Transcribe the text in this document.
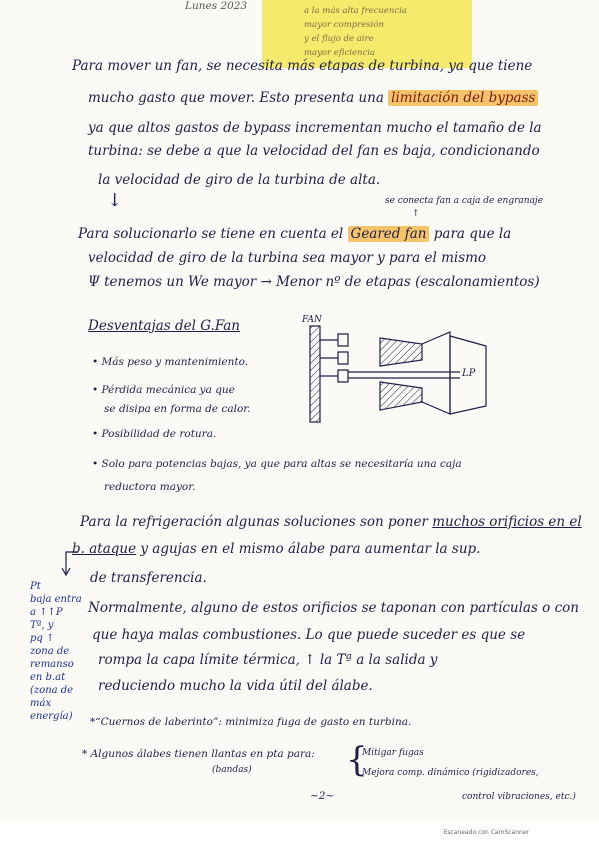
Lunes 2023	a la más alta frecuencia
mayor compresión
y el flujo de aire
mayor eficiencia
Para mover un fan, se necesita más etapas de turbina, ya que tiene
mucho gasto que mover. Esto presenta una limitación del bypass
ya que altos gastos de bypass incrementan mucho el tamaño de la
turbina: se debe a que la velocidad del fan es baja, condicionando
la velocidad de giro de la turbina de alta.
↓	se conecta fan a caja de engranaje
↑
Para solucionarlo se tiene en cuenta el Geared fan para que la
velocidad de giro de la turbina sea mayor y para el mismo
Ψ tenemos un We mayor → Menor nº de etapas (escalonamientos)
Desventajas del G.Fan
• Más peso y mantenimiento.
• Pérdida mecánica ya que
se disipa en forma de calor.
• Posibilidad de rotura.
• Solo para potencias bajas, ya que para altas se necesitaría una caja
reductora mayor.
FAN
LP
Para la refrigeración algunas soluciones son poner muchos orificios en el
b. ataque y agujas en el mismo álabe para aumentar la sup.
de transferencia.
Normalmente, alguno de estos orificios se taponan con partículas o con
que haya malas combustiones. Lo que puede suceder es que se
rompa la capa límite térmica, ↑ la Tª a la salida y
reduciendo mucho la vida útil del álabe.
Pt
baja entra
a ↑↑P
Tª, y
pq ↑
zona de
remanso
en b.at
(zona de
máx
energía)	*“Cuernos de laberinto”: minimiza fuga de gasto en turbina.
* Algunos álabes tienen llantas en pta para:
(bandas)	{
Mitigar fugas
Mejora comp. dinámico (rigidizadores,
control vibraciones, etc.)
~2~
Escaneado con CamScanner
